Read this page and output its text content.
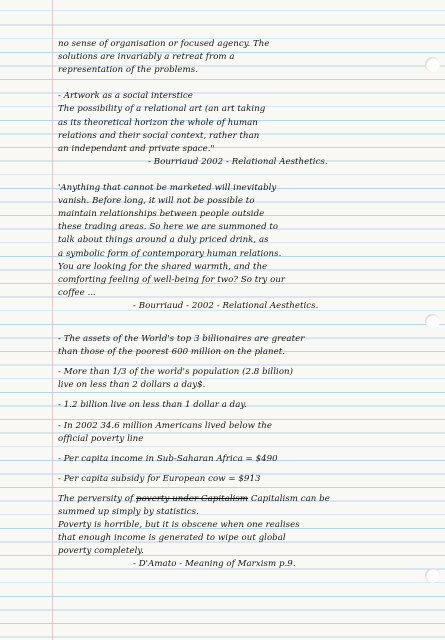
no sense of organisation or focused agency. The
solutions are invariably a retreat from a
representation of the problems.
- Artwork as a social interstice
The possibility of a relational art (an art taking
as its theoretical horizon the whole of human
relations and their social context, rather than
an independant and private space."
- Bourriaud 2002 - Relational Aesthetics.
'Anything that cannot be marketed will inevitably
vanish. Before long, it will not be possible to
maintain relationships between people outside
these trading areas. So here we are summoned to
talk about things around a duly priced drink, as
a symbolic form of contemporary human relations.
You are looking for the shared warmth, and the
comforting feeling of well-being for two? So try our
coffee ...
- Bourriaud - 2002 - Relational Aesthetics.
- The assets of the World's top 3 billionaires are greater
than those of the poorest 600 million on the planet.
- More than 1/3 of the world's population (2.8 billion)
live on less than 2 dollars a day$.
- 1.2 billion live on less than 1 dollar a day.
- In 2002 34.6 million Americans lived below the
official poverty line
- Per capita income in Sub-Saharan Africa = $490
- Per capita subsidy for European cow = $913
The perversity of poverty under Capitalism Capitalism can be
summed up simply by statistics.
Poverty is horrible, but it is obscene when one realises
that enough income is generated to wipe out global
poverty completely.
- D'Amato - Meaning of Marxism p.9.
